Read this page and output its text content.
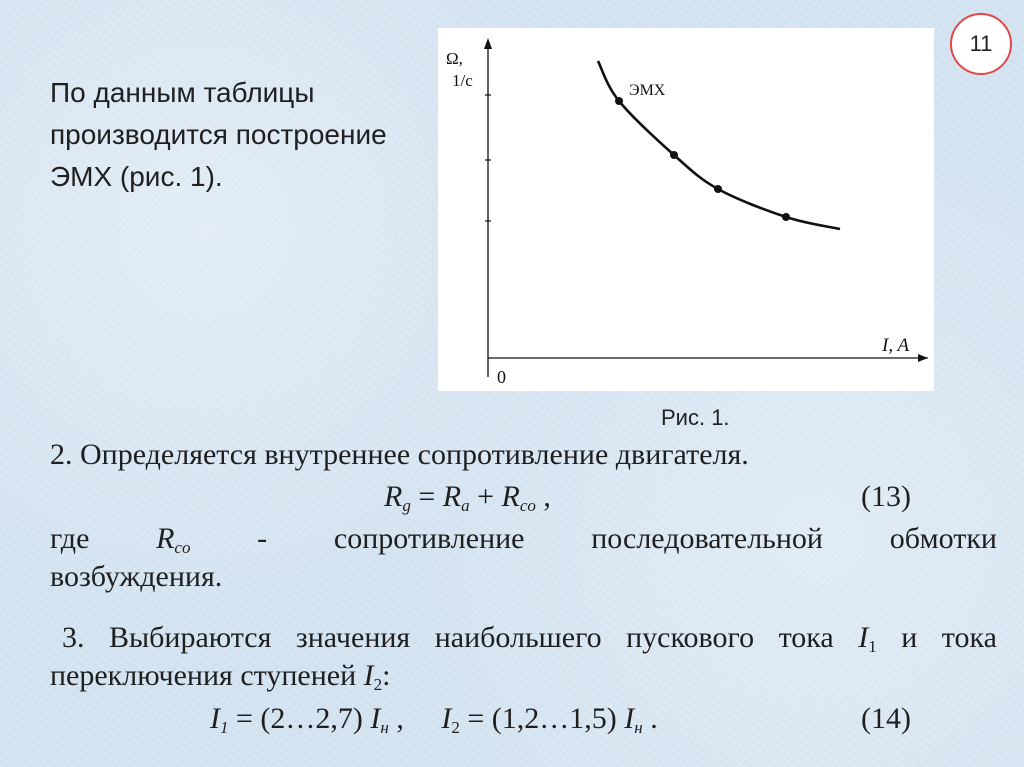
11
По данным таблицы
производится построение
ЭМХ (рис. 1).
Ω,
1/с
I, A
0
ЭМХ
Рис. 1.
2. Определяется внутреннее сопротивление двигателя.
$R_g = R_a + R_{co}$ ,	(13)
где $R_{co}$ - сопротивление последовательной обмотки
возбуждения.
3. Выбираются значения наибольшего пускового тока $I_1$ и тока
переключения ступеней $I_2$:
$I_1$ = (2…2,7) $I_н$ , $I_2$ = (1,2…1,5) $I_н$ .	(14)
